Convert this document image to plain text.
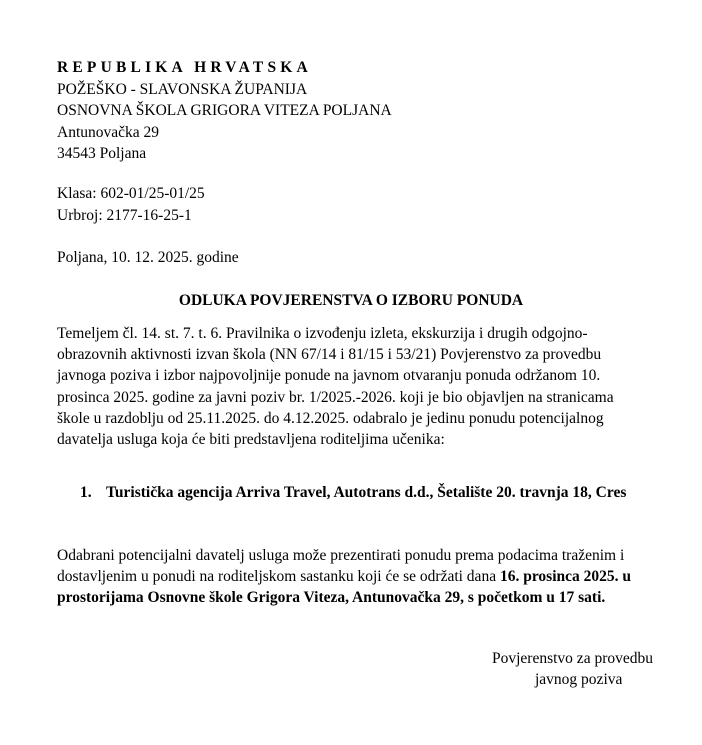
REPUBLIKA HRVATSKA
POŽEŠKO - SLAVONSKA ŽUPANIJA
OSNOVNA ŠKOLA GRIGORA VITEZA POLJANA
Antunovačka 29
34543 Poljana
Klasa: 602-01/25-01/25
Urbroj: 2177-16-25-1
Poljana, 10. 12. 2025. godine
ODLUKA POVJERENSTVA O IZBORU PONUDA
Temeljem čl. 14. st. 7. t. 6. Pravilnika o izvođenju izleta, ekskurzija i drugih odgojno-
obrazovnih aktivnosti izvan škola (NN 67/14 i 81/15 i 53/21) Povjerenstvo za provedbu
javnoga poziva i izbor najpovoljnije ponude na javnom otvaranju ponuda održanom 10.
prosinca 2025. godine za javni poziv br. 1/2025.-2026. koji je bio objavljen na stranicama
škole u razdoblju od 25.11.2025. do 4.12.2025. odabralo je jedinu ponudu potencijalnog
davatelja usluga koja će biti predstavljena roditeljima učenika:
1. Turistička agencija Arriva Travel, Autotrans d.d., Šetalište 20. travnja 18, Cres
Odabrani potencijalni davatelj usluga može prezentirati ponudu prema podacima traženim i
dostavljenim u ponudi na roditeljskom sastanku koji će se održati dana 16. prosinca 2025. u
prostorijama Osnovne škole Grigora Viteza, Antunovačka 29, s početkom u 17 sati.
Povjerenstvo za provedbu
javnog poziva
